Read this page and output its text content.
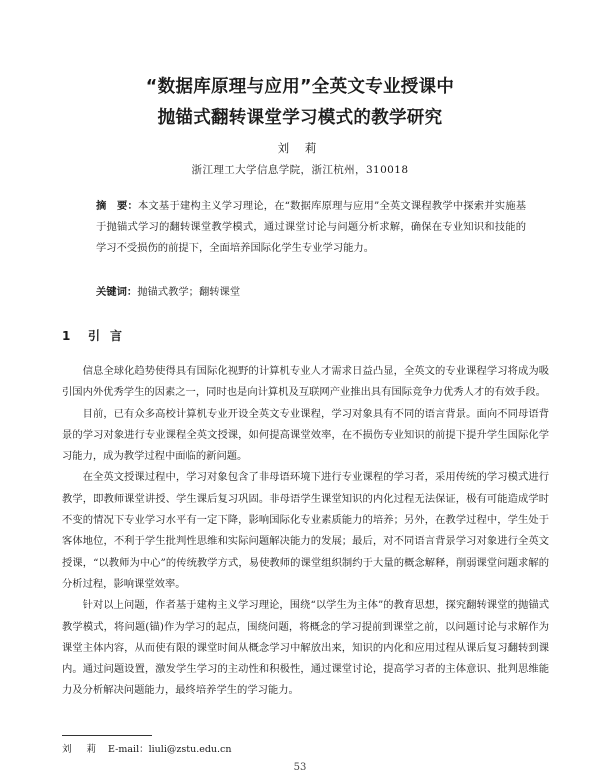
“数据库原理与应用”全英文专业授课中
抛锚式翻转课堂学习模式的教学研究
刘 莉
浙江理工大学信息学院，浙江杭州，310018
摘　要：本文基于建构主义学习理论，在“数据库原理与应用”全英文课程教学中探索并实施基于抛锚式学习的翻转课堂教学模式，通过课堂讨论与问题分析求解，确保在专业知识和技能的学习不受损伤的前提下，全面培养国际化学生专业学习能力。
关键词：抛锚式教学；翻转课堂
1 引言

信息全球化趋势使得具有国际化视野的计算机专业人才需求日益凸显，全英文的专业课程学习将成为吸引国内外优秀学生的因素之一，同时也是向计算机及互联网产业推出具有国际竞争力优秀人才的有效手段。

目前，已有众多高校计算机专业开设全英文专业课程，学习对象具有不同的语言背景。面向不同母语背景的学习对象进行专业课程全英文授课，如何提高课堂效率，在不损伤专业知识的前提下提升学生国际化学习能力，成为教学过程中面临的新问题。

在全英文授课过程中，学习对象包含了非母语环境下进行专业课程的学习者，采用传统的学习模式进行教学，即教师课堂讲授、学生课后复习巩固。非母语学生课堂知识的内化过程无法保证，极有可能造成学时不变的情况下专业学习水平有一定下降，影响国际化专业素质能力的培养；另外，在教学过程中，学生处于客体地位，不利于学生批判性思维和实际问题解决能力的发展；最后，对不同语言背景学习对象进行全英文授课，“以教师为中心”的传统教学方式，易使教师的课堂组织制约于大量的概念解释，削弱课堂问题求解的分析过程，影响课堂效率。

针对以上问题，作者基于建构主义学习理论，围绕“以学生为主体”的教育思想，探究翻转课堂的抛锚式教学模式，将问题(锚)作为学习的起点，围绕问题，将概念的学习提前到课堂之前，以问题讨论与求解作为课堂主体内容，从而使有限的课堂时间从概念学习中解放出来，知识的内化和应用过程从课后复习翻转到课内。通过问题设置，激发学生学习的主动性和积极性，通过课堂讨论，提高学习者的主体意识、批判思维能力及分析解决问题能力，最终培养学生的学习能力。

刘 莉 E-mail：liuli@zstu.edu.cn
53
